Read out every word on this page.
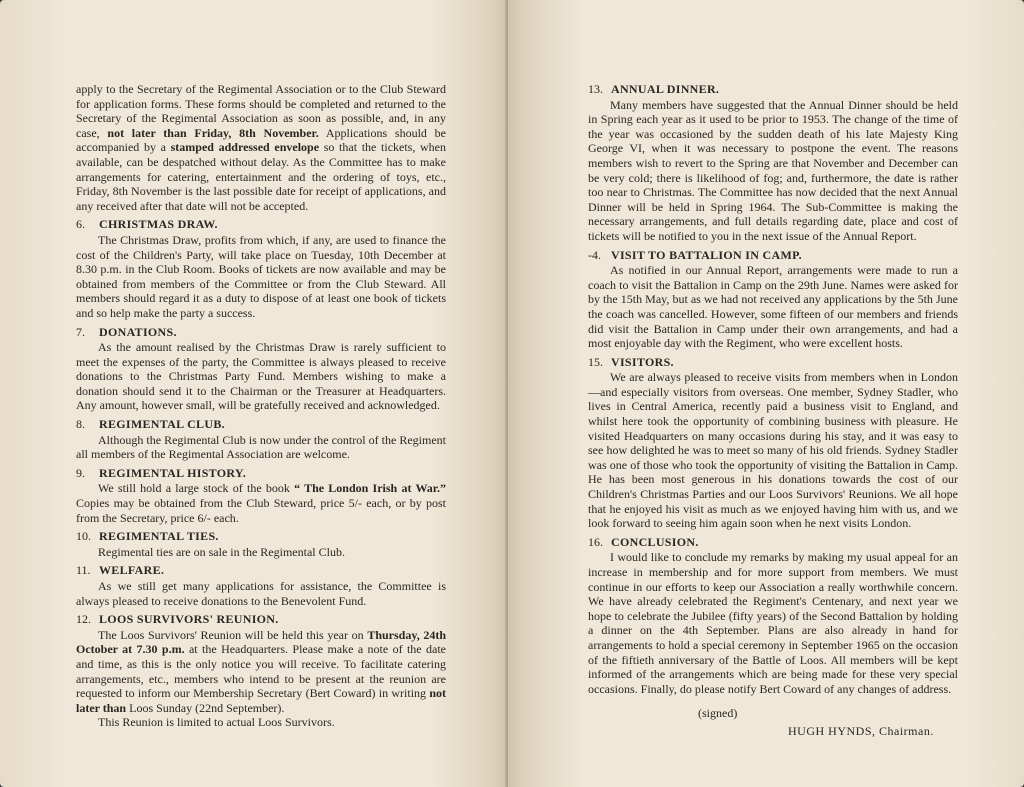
apply to the Secretary of the Regimental Association or to the Club Steward for application forms. These forms should be completed and returned to the Secretary of the Regimental Association as soon as possible, and, in any case, not later than Friday, 8th November. Applications should be accompanied by a stamped addressed envelope so that the tickets, when available, can be despatched without delay. As the Committee has to make arrangements for catering, entertainment and the ordering of toys, etc., Friday, 8th November is the last possible date for receipt of applications, and any received after that date will not be accepted.

6. CHRISTMAS DRAW.

The Christmas Draw, profits from which, if any, are used to finance the cost of the Children's Party, will take place on Tuesday, 10th December at 8.30 p.m. in the Club Room. Books of tickets are now available and may be obtained from members of the Committee or from the Club Steward. All members should regard it as a duty to dispose of at least one book of tickets and so help make the party a success.

7. DONATIONS.

As the amount realised by the Christmas Draw is rarely sufficient to meet the expenses of the party, the Committee is always pleased to receive donations to the Christmas Party Fund. Members wishing to make a donation should send it to the Chairman or the Treasurer at Headquarters. Any amount, however small, will be gratefully received and acknowledged.

8. REGIMENTAL CLUB.

Although the Regimental Club is now under the control of the Regiment all members of the Regimental Association are welcome.

9. REGIMENTAL HISTORY.

We still hold a large stock of the book “ The London Irish at War.” Copies may be obtained from the Club Steward, price 5/- each, or by post from the Secretary, price 6/- each.

10. REGIMENTAL TIES.

Regimental ties are on sale in the Regimental Club.

11. WELFARE.

As we still get many applications for assistance, the Committee is always pleased to receive donations to the Benevolent Fund.

12. LOOS SURVIVORS' REUNION.

The Loos Survivors' Reunion will be held this year on Thursday, 24th October at 7.30 p.m. at the Headquarters. Please make a note of the date and time, as this is the only notice you will receive. To facilitate catering arrangements, etc., members who intend to be present at the reunion are requested to inform our Membership Secretary (Bert Coward) in writing not later than Loos Sunday (22nd September).

This Reunion is limited to actual Loos Survivors.

13. ANNUAL DINNER.

Many members have suggested that the Annual Dinner should be held in Spring each year as it used to be prior to 1953. The change of the time of the year was occasioned by the sudden death of his late Majesty King George VI, when it was necessary to postpone the event. The reasons members wish to revert to the Spring are that November and December can be very cold; there is likelihood of fog; and, furthermore, the date is rather too near to Christmas. The Committee has now decided that the next Annual Dinner will be held in Spring 1964. The Sub-Committee is making the necessary arrangements, and full details regarding date, place and cost of tickets will be notified to you in the next issue of the Annual Report.

-4. VISIT TO BATTALION IN CAMP.

As notified in our Annual Report, arrangements were made to run a coach to visit the Battalion in Camp on the 29th June. Names were asked for by the 15th May, but as we had not received any applications by the 5th June the coach was cancelled. However, some fifteen of our members and friends did visit the Battalion in Camp under their own arrangements, and had a most enjoyable day with the Regiment, who were excellent hosts.

15. VISITORS.

We are always pleased to receive visits from members when in London—and especially visitors from overseas. One member, Sydney Stadler, who lives in Central America, recently paid a business visit to England, and whilst here took the opportunity of combining business with pleasure. He visited Headquarters on many occasions during his stay, and it was easy to see how delighted he was to meet so many of his old friends. Sydney Stadler was one of those who took the opportunity of visiting the Battalion in Camp. He has been most generous in his donations towards the cost of our Children's Christmas Parties and our Loos Survivors' Reunions. We all hope that he enjoyed his visit as much as we enjoyed having him with us, and we look forward to seeing him again soon when he next visits London.

16. CONCLUSION.

I would like to conclude my remarks by making my usual appeal for an increase in membership and for more support from members. We must continue in our efforts to keep our Association a really worthwhile concern. We have already celebrated the Regiment's Centenary, and next year we hope to celebrate the Jubilee (fifty years) of the Second Battalion by holding a dinner on the 4th September. Plans are also already in hand for arrangements to hold a special ceremony in September 1965 on the occasion of the fiftieth anniversary of the Battle of Loos. All members will be kept informed of the arrangements which are being made for these very special occasions. Finally, do please notify Bert Coward of any changes of address.

(signed)
HUGH HYNDS, Chairman.
